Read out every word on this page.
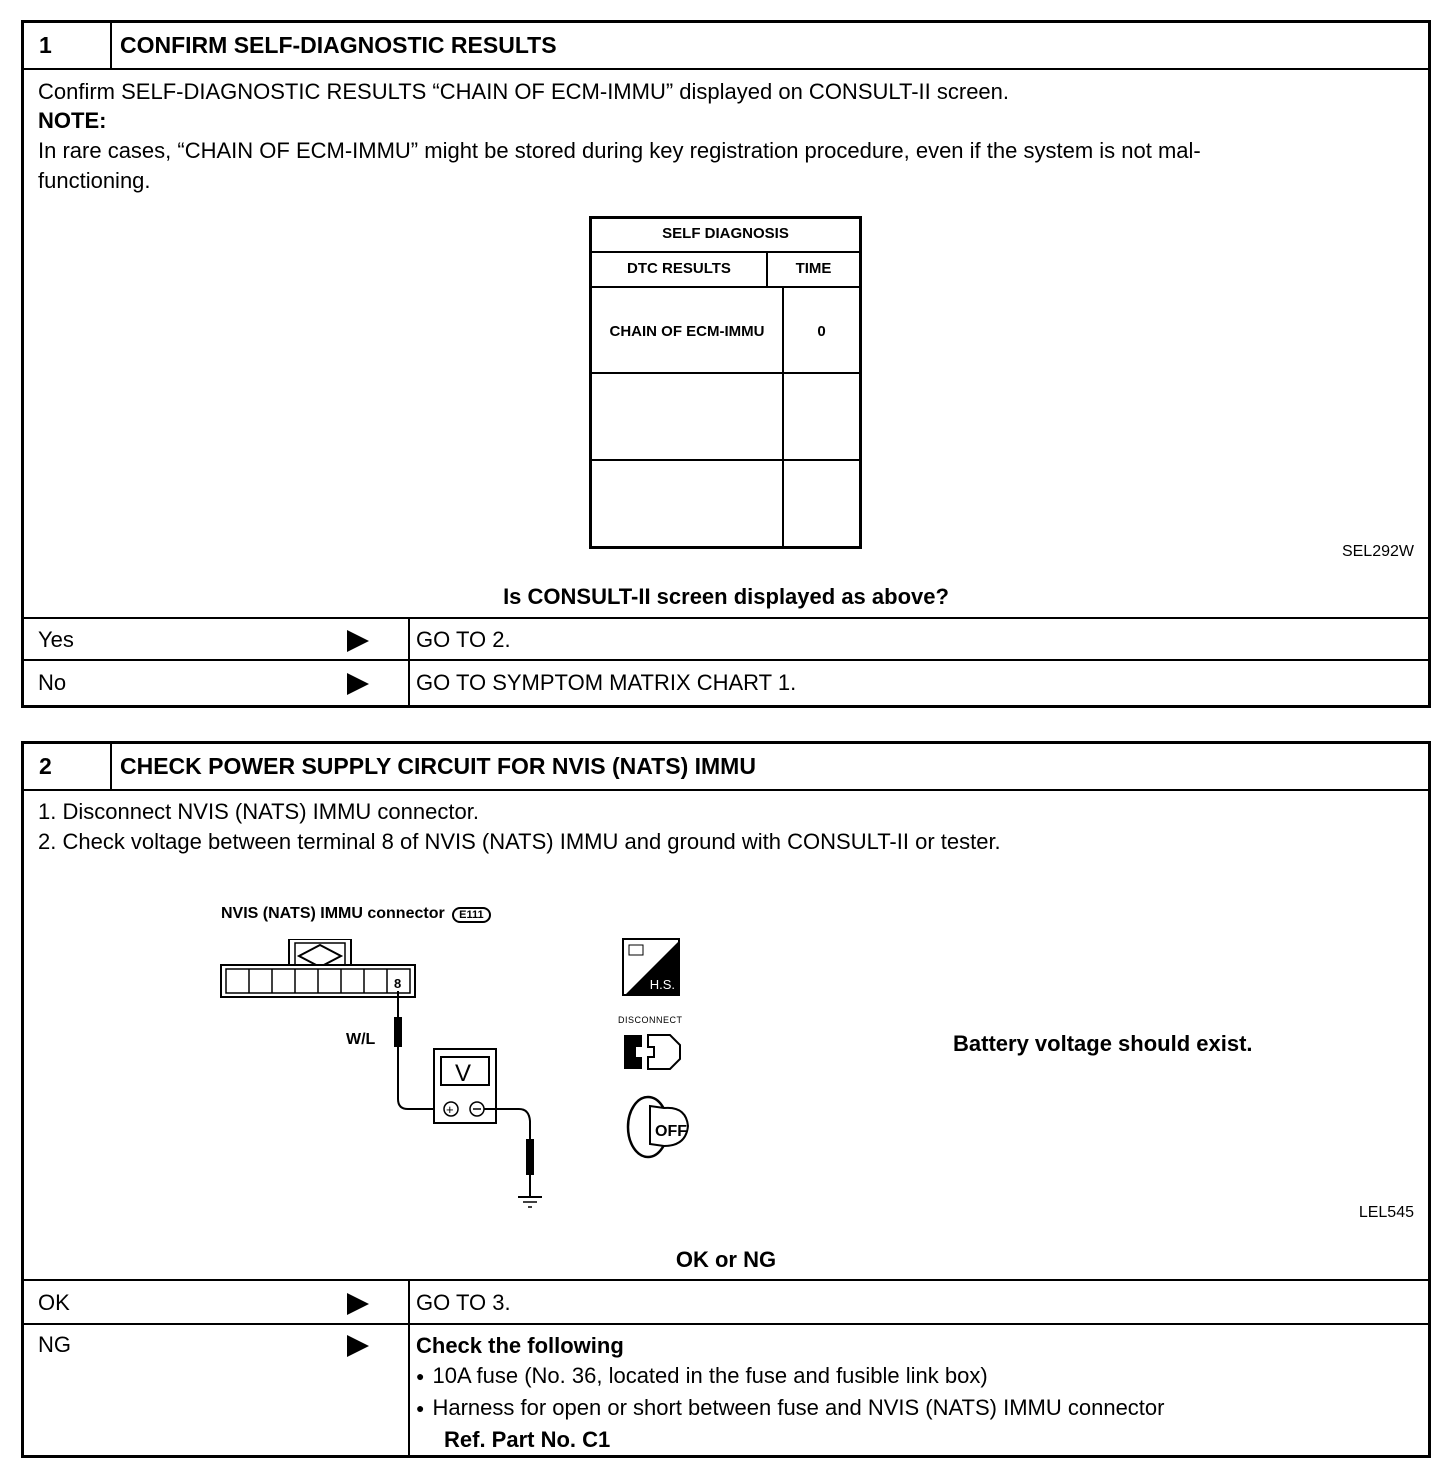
1	CONFIRM SELF-DIAGNOSTIC RESULTS
Confirm SELF-DIAGNOSTIC RESULTS “CHAIN OF ECM-IMMU” displayed on CONSULT-II screen.
NOTE:
In rare cases, “CHAIN OF ECM-IMMU” might be stored during key registration procedure, even if the system is not mal-
functioning.
SELF DIAGNOSIS
DTC RESULTS	TIME
CHAIN OF ECM-IMMU	0
SEL292W
Is CONSULT-II screen displayed as above?
Yes	GO TO 2.
No	GO TO SYMPTOM MATRIX CHART 1.
2	CHECK POWER SUPPLY CIRCUIT FOR NVIS (NATS) IMMU
1. Disconnect NVIS (NATS) IMMU connector.
2. Check voltage between terminal 8 of NVIS (NATS) IMMU and ground with CONSULT-II or tester.
NVIS (NATS) IMMU connector E111
8
W/L
V
+
H.S.
DISCONNECT
OFF
Battery voltage should exist.
LEL545
OK or NG
OK	GO TO 3.
NG	Check the following
● 10A fuse (No. 36, located in the fuse and fusible link box)
● Harness for open or short between fuse and NVIS (NATS) IMMU connector
Ref. Part No. C1
